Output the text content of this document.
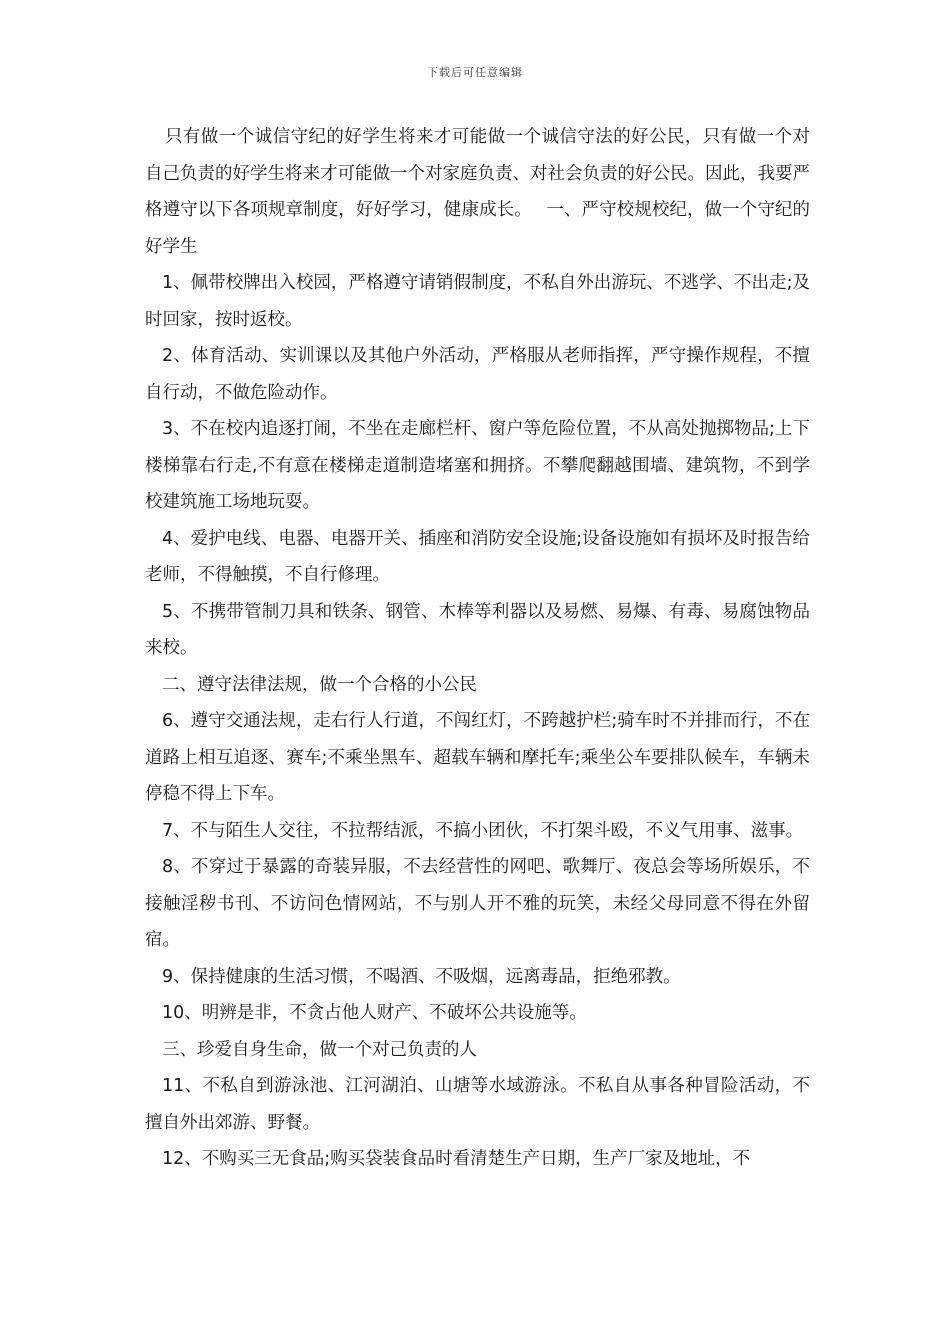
下载后可任意编辑

只有做一个诚信守纪的好学生将来才可能做一个诚信守法的好公民，只有做一个对自己负责的好学生将来才可能做一个对家庭负责、对社会负责的好公民。因此，我要严格遵守以下各项规章制度，好好学习，健康成长。　 一、严守校规校纪，做一个守纪的好学生

1、佩带校牌出入校园，严格遵守请销假制度，不私自外出游玩、不逃学、不出走;及时回家，按时返校。

2、体育活动、实训课以及其他户外活动，严格服从老师指挥，严守操作规程，不擅自行动，不做危险动作。

3、不在校内追逐打闹，不坐在走廊栏杆、窗户等危险位置，不从高处抛掷物品;上下楼梯靠右行走,不有意在楼梯走道制造堵塞和拥挤。不攀爬翻越围墙、建筑物，不到学校建筑施工场地玩耍。

4、爱护电线、电器、电器开关、插座和消防安全设施;设备设施如有损坏及时报告给老师，不得触摸，不自行修理。

5、不携带管制刀具和铁条、钢管、木棒等利器以及易燃、易爆、有毒、易腐蚀物品来校。

二、遵守法律法规，做一个合格的小公民

6、遵守交通法规，走右行人行道，不闯红灯，不跨越护栏;骑车时不并排而行，不在道路上相互追逐、赛车;不乘坐黑车、超载车辆和摩托车;乘坐公车要排队候车，车辆未停稳不得上下车。

7、不与陌生人交往，不拉帮结派，不搞小团伙，不打架斗殴，不义气用事、滋事。

8、不穿过于暴露的奇装异服，不去经营性的网吧、歌舞厅、夜总会等场所娱乐，不接触淫秽书刊、不访问色情网站，不与别人开不雅的玩笑，未经父母同意不得在外留宿。

9、保持健康的生活习惯，不喝酒、不吸烟，远离毒品，拒绝邪教。

10、明辨是非，不贪占他人财产、不破坏公共设施等。

三、珍爱自身生命，做一个对己负责的人

11、不私自到游泳池、江河湖泊、山塘等水域游泳。不私自从事各种冒险活动，不擅自外出郊游、野餐。

12、不购买三无食品;购买袋装食品时看清楚生产日期，生产厂家及地址，不
